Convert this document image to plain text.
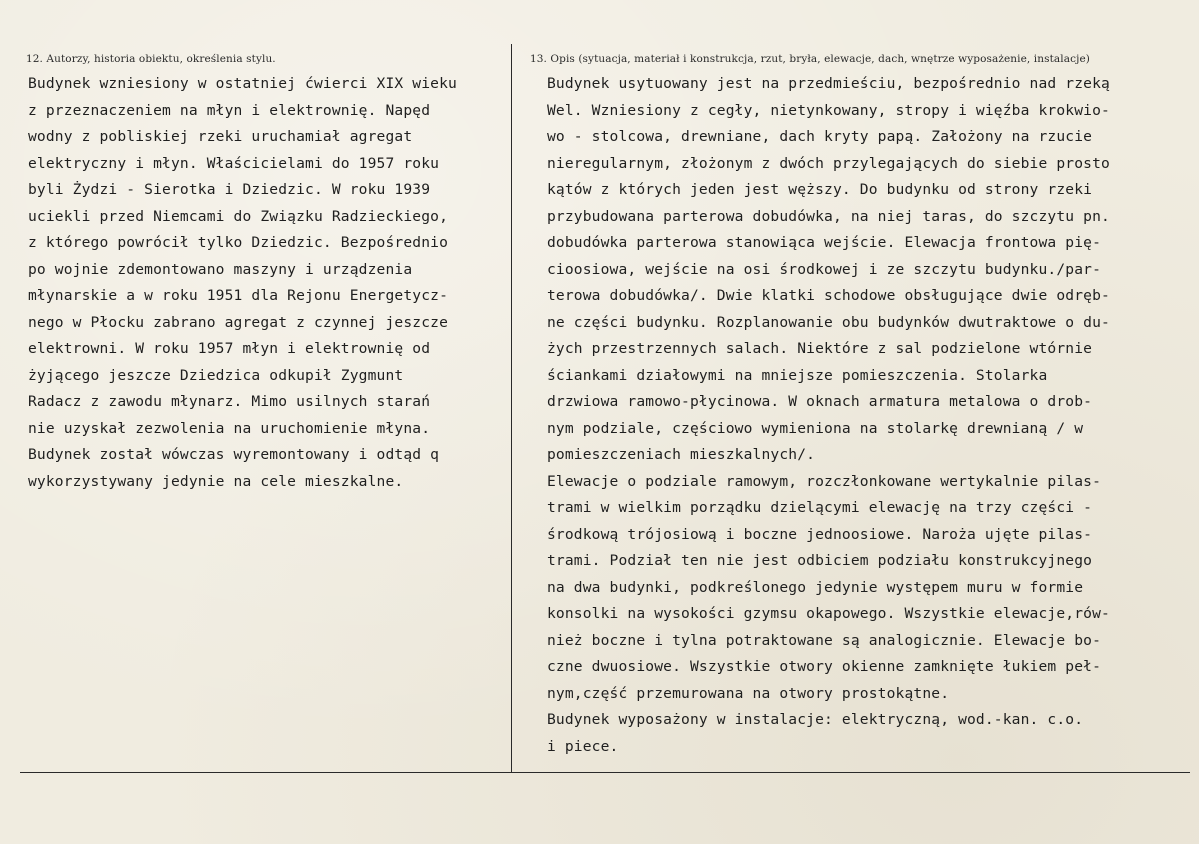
12. Autorzy, historia obiektu, określenia stylu.	13. Opis (sytuacja, materiał i konstrukcja, rzut, bryła, elewacje, dach, wnętrze wyposażenie, instalacje)
Budynek wzniesiony w ostatniej ćwierci XIX wieku
z przeznaczeniem na młyn i elektrownię. Napęd
wodny z pobliskiej rzeki uruchamiał agregat
elektryczny i młyn. Właścicielami do 1957 roku
byli Żydzi - Sierotka i Dziedzic. W roku 1939
uciekli przed Niemcami do Związku Radzieckiego,
z którego powrócił tylko Dziedzic. Bezpośrednio
po wojnie zdemontowano maszyny i urządzenia
młynarskie a w roku 1951 dla Rejonu Energetycz-
nego w Płocku zabrano agregat z czynnej jeszcze
elektrowni. W roku 1957 młyn i elektrownię od
żyjącego jeszcze Dziedzica odkupił Zygmunt
Radacz z zawodu młynarz. Mimo usilnych starań
nie uzyskał zezwolenia na uruchomienie młyna.
Budynek został wówczas wyremontowany i odtąd q
wykorzystywany jedynie na cele mieszkalne.
Budynek usytuowany jest na przedmieściu, bezpośrednio nad rzeką
Wel. Wzniesiony z cegły, nietynkowany, stropy i więźba krokwio-
wo - stolcowa, drewniane, dach kryty papą. Założony na rzucie
nieregularnym, złożonym z dwóch przylegających do siebie prosto
kątów z których jeden jest węższy. Do budynku od strony rzeki
przybudowana parterowa dobudówka, na niej taras, do szczytu pn.
dobudówka parterowa stanowiąca wejście. Elewacja frontowa pię-
cioosiowa, wejście na osi środkowej i ze szczytu budynku./par-
terowa dobudówka/. Dwie klatki schodowe obsługujące dwie odręb-
ne części budynku. Rozplanowanie obu budynków dwutraktowe o du-
żych przestrzennych salach. Niektóre z sal podzielone wtórnie
ściankami działowymi na mniejsze pomieszczenia. Stolarka
drzwiowa ramowo-płycinowa. W oknach armatura metalowa o drob-
nym podziale, częściowo wymieniona na stolarkę drewnianą / w
pomieszczeniach mieszkalnych/.
Elewacje o podziale ramowym, rozczłonkowane wertykalnie pilas-
trami w wielkim porządku dzielącymi elewację na trzy części -
środkową trójosiową i boczne jednoosiowe. Naroża ujęte pilas-
trami. Podział ten nie jest odbiciem podziału konstrukcyjnego
na dwa budynki, podkreślonego jedynie występem muru w formie
konsolki na wysokości gzymsu okapowego. Wszystkie elewacje,rów-
nież boczne i tylna potraktowane są analogicznie. Elewacje bo-
czne dwuosiowe. Wszystkie otwory okienne zamknięte łukiem peł-
nym,część przemurowana na otwory prostokątne.
Budynek wyposażony w instalacje: elektryczną, wod.-kan. c.o.
i piece.
